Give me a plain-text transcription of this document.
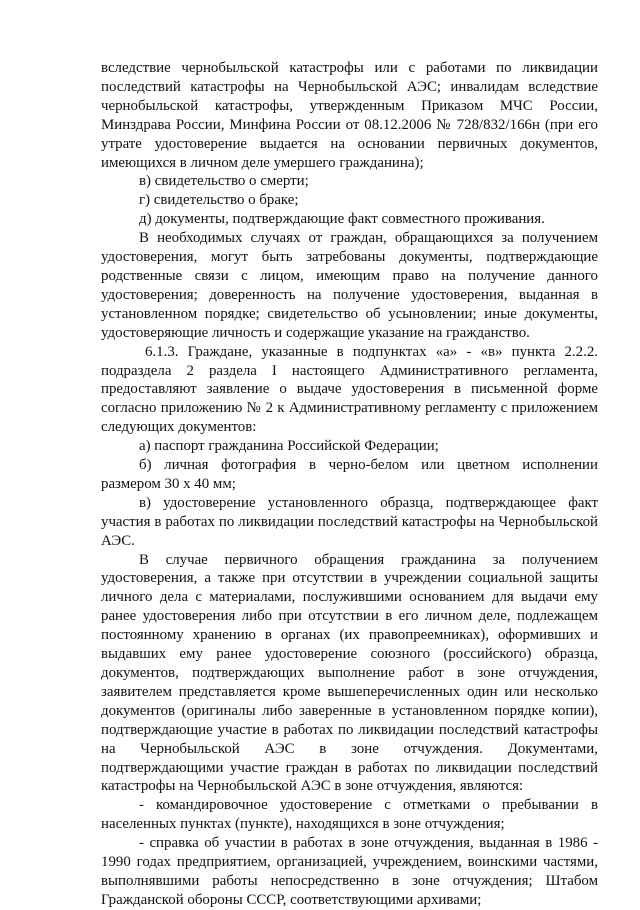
вследствие чернобыльской катастрофы или с работами по ликвидации
последствий катастрофы на Чернобыльской АЭС; инвалидам вследствие
чернобыльской катастрофы, утвержденным Приказом МЧС России,
Минздрава России, Минфина России от 08.12.2006 № 728/832/166н (при его
утрате удостоверение выдается на основании первичных документов,
имеющихся в личном деле умершего гражданина);
в) свидетельство о смерти;
г) свидетельство о браке;
д) документы, подтверждающие факт совместного проживания.
В необходимых случаях от граждан, обращающихся за получением
удостоверения, могут быть затребованы документы, подтверждающие
родственные связи с лицом, имеющим право на получение данного
удостоверения; доверенность на получение удостоверения, выданная в
установленном порядке; свидетельство об усыновлении; иные документы,
удостоверяющие личность и содержащие указание на гражданство.
6.1.3. Граждане, указанные в подпунктах «а» - «в» пункта 2.2.2.
подраздела 2 раздела I настоящего Административного регламента,
предоставляют заявление о выдаче удостоверения в письменной форме
согласно приложению № 2 к Административному регламенту с приложением
следующих документов:
а) паспорт гражданина Российской Федерации;
б) личная фотография в черно-белом или цветном исполнении
размером 30 x 40 мм;
в) удостоверение установленного образца, подтверждающее факт
участия в работах по ликвидации последствий катастрофы на Чернобыльской
АЭС.
В случае первичного обращения гражданина за получением
удостоверения, а также при отсутствии в учреждении социальной защиты
личного дела с материалами, послужившими основанием для выдачи ему
ранее удостоверения либо при отсутствии в его личном деле, подлежащем
постоянному хранению в органах (их правопреемниках), оформивших и
выдавших ему ранее удостоверение союзного (российского) образца,
документов, подтверждающих выполнение работ в зоне отчуждения,
заявителем представляется кроме вышеперечисленных один или несколько
документов (оригиналы либо заверенные в установленном порядке копии),
подтверждающие участие в работах по ликвидации последствий катастрофы
на Чернобыльской АЭС в зоне отчуждения. Документами,
подтверждающими участие граждан в работах по ликвидации последствий
катастрофы на Чернобыльской АЭС в зоне отчуждения, являются:
- командировочное удостоверение с отметками о пребывании в
населенных пунктах (пункте), находящихся в зоне отчуждения;
- справка об участии в работах в зоне отчуждения, выданная в 1986 -
1990 годах предприятием, организацией, учреждением, воинскими частями,
выполнявшими работы непосредственно в зоне отчуждения; Штабом
Гражданской обороны СССР, соответствующими архивами;
